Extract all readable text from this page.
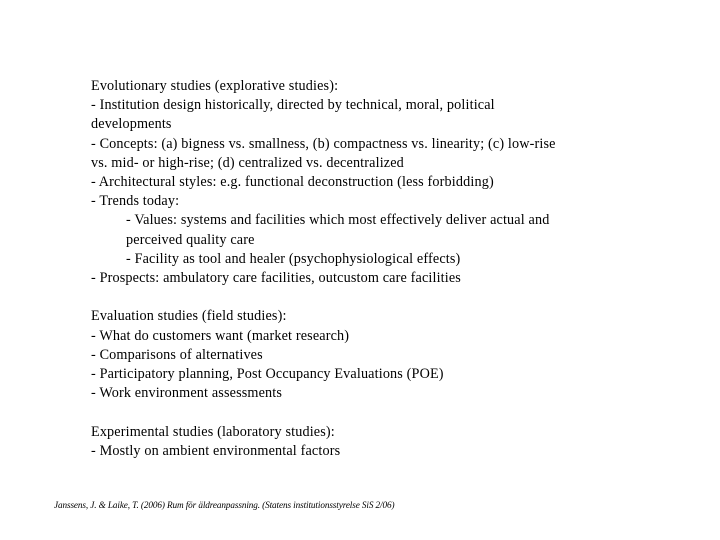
Evolutionary studies (explorative studies):
- Institution design historically, directed by technical, moral, political
developments
- Concepts: (a) bigness vs. smallness, (b) compactness vs. linearity; (c) low-rise
vs. mid- or high-rise; (d) centralized vs. decentralized
- Architectural styles: e.g. functional deconstruction (less forbidding)
- Trends today:
- Values: systems and facilities which most effectively deliver actual and
perceived quality care
- Facility as tool and healer (psychophysiological effects)
- Prospects: ambulatory care facilities, outcustom care facilities
Evaluation studies (field studies):
- What do customers want (market research)
- Comparisons of alternatives
- Participatory planning, Post Occupancy Evaluations (POE)
- Work environment assessments
Experimental studies (laboratory studies):
- Mostly on ambient environmental factors
Janssens, J. & Laike, T. (2006) Rum för äldreanpassning. (Statens institutionsstyrelse SiS 2/06)
